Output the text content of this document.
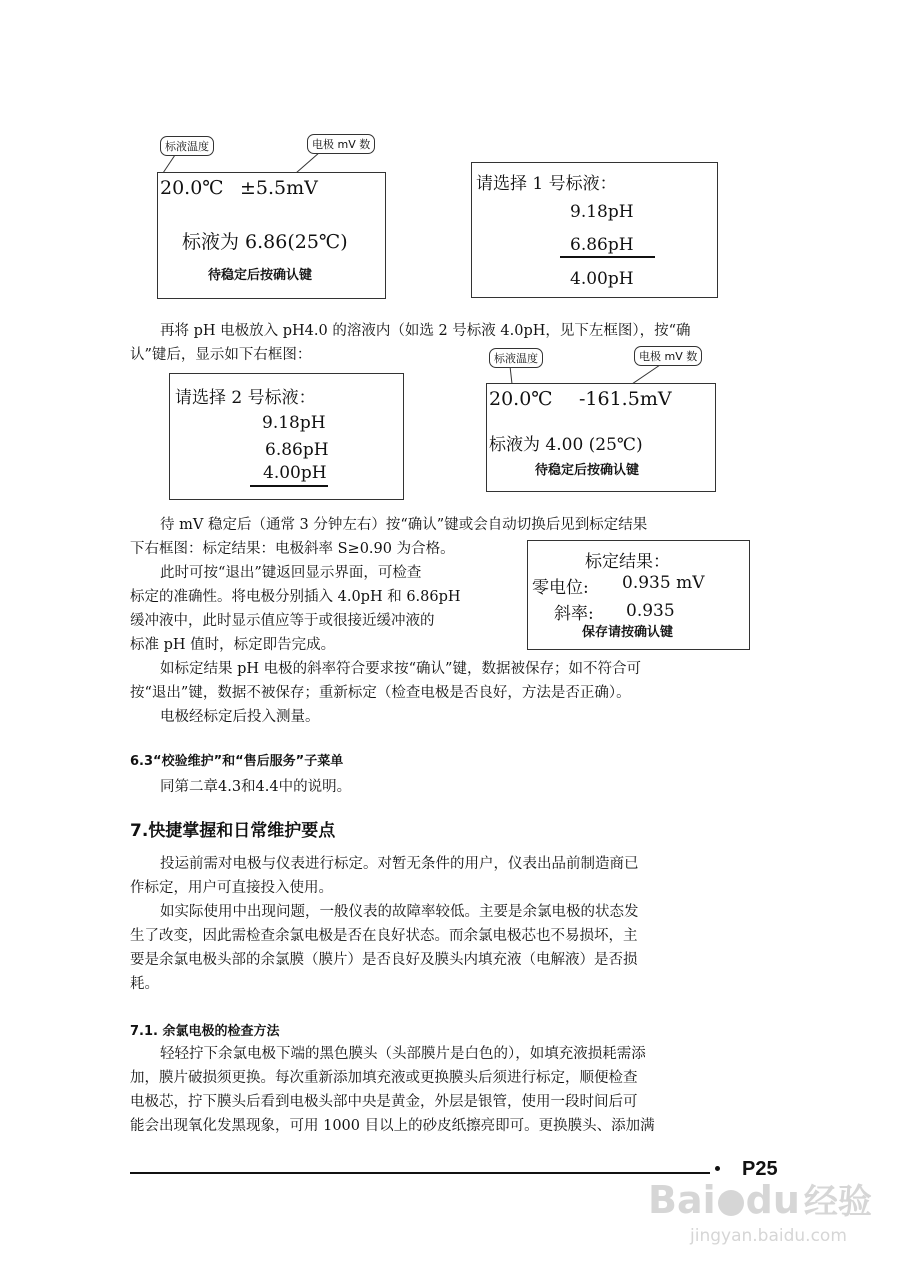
20.0℃ ±5.5mV
标液为 6.86(25℃)
待稳定后按确认键
标液温度	电极 mV 数
请选择 1 号标液：
9.18pH
6.86pH
4.00pH
再将 pH 电极放入 pH4.0 的溶液内（如选 2 号标液 4.0pH，见下左框图），按“确
认”键后，显示如下右框图：
请选择 2 号标液：
9.18pH
6.86pH
4.00pH
20.0℃ -161.5mV
标液为 4.00 (25℃)
待稳定后按确认键
标液温度	电极 mV 数
待 mV 稳定后（通常 3 分钟左右）按“确认”键或会自动切换后见到标定结果
下右框图：标定结果：电极斜率 S≥0.90 为合格。
此时可按“退出”键返回显示界面，可检查
标定的准确性。将电极分别插入 4.0pH 和 6.86pH
缓冲液中，此时显示值应等于或很接近缓冲液的
标准 pH 值时，标定即告完成。
标定结果：
零电位: 0.935 mV
斜率: 0.935
保存请按确认键
如标定结果 pH 电极的斜率符合要求按“确认”键，数据被保存；如不符合可
按“退出”键，数据不被保存；重新标定（检查电极是否良好，方法是否正确）。
电极经标定后投入测量。
6.3“校验维护”和“售后服务”子菜单
同第二章4.3和4.4中的说明。
7.快捷掌握和日常维护要点
投运前需对电极与仪表进行标定。对暂无条件的用户，仪表出品前制造商已
作标定，用户可直接投入使用。
如实际使用中出现问题，一般仪表的故障率较低。主要是余氯电极的状态发
生了改变，因此需检查余氯电极是否在良好状态。而余氯电极芯也不易损坏，主
要是余氯电极头部的余氯膜（膜片）是否良好及膜头内填充液（电解液）是否损
耗。
7.1. 余氯电极的检查方法
轻轻拧下余氯电极下端的黑色膜头（头部膜片是白色的），如填充液损耗需添
加，膜片破损须更换。每次重新添加填充液或更换膜头后须进行标定，顺便检查
电极芯，拧下膜头后看到电极头部中央是黄金，外层是银管，使用一段时间后可
能会出现氧化发黑现象，可用 1000 目以上的砂皮纸擦亮即可。更换膜头、添加满
P25
Bai du 经验
jingyan.baidu.com
